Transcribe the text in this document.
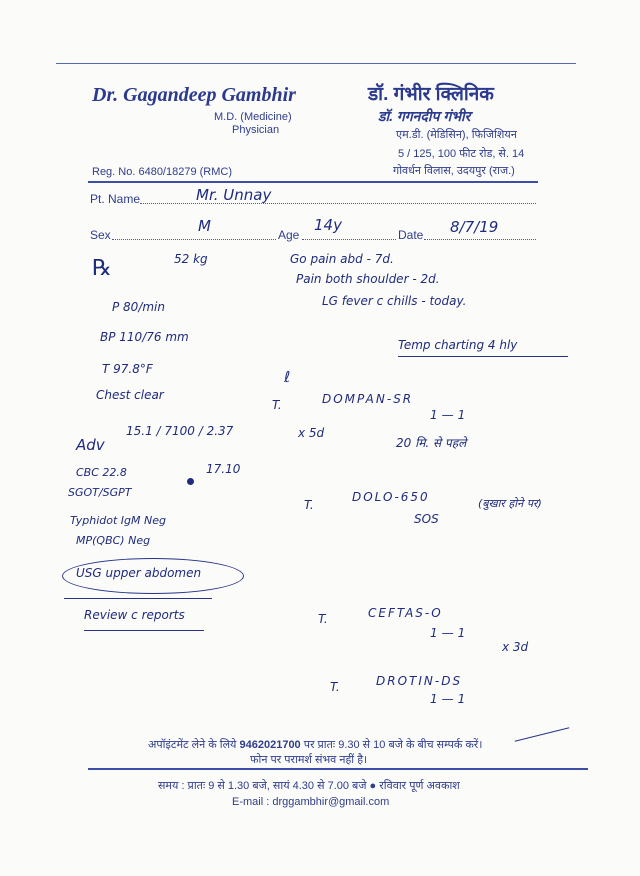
Dr. Gagandeep Gambhir
M.D. (Medicine)
Physician
डॉ. गंभीर क्लिनिक
डॉ. गगनदीप गंभीर
एम.डी. (मेडिसिन), फिजिशियन
5 / 125, 100 फीट रोड, से. 14
गोवर्धन विलास, उदयपुर (राज.)
Reg. No. 6480/18279 (RMC)
Pt. Name	Mr. Unnay
Sex	M	Age
14y
Date 8/7/19
℞	52 kg
P 80/min
BP 110/76 mm
T 97.8°F
Chest clear
Adv
15.1 / 7100 / 2.37
CBC 22.8
SGOT/SGPT
17.10
Typhidot IgM Neg
MP(QBC) Neg
USG upper abdomen
Review c reports
Go pain abd - 7d.
Pain both shoulder - 2d.
LG fever c chills - today.
Temp charting 4 hly
ℓ
T.	DOMPAN-SR
1—1
x 5d
20 मि. से पहले
T.
DOLO-650
SOS
(बुखार होने पर)
T.	CEFTAS-O
1—1
x 3d
T.	DROTIN-DS
1—1
अपॉइंटमेंट लेने के लिये 9462021700 पर प्रातः 9.30 से 10 बजे के बीच सम्पर्क करें।
फोन पर परामर्श संभव नहीं है।
समय : प्रातः 9 से 1.30 बजे, सायं 4.30 से 7.00 बजे ● रविवार पूर्ण अवकाश
E-mail : drggambhir@gmail.com
